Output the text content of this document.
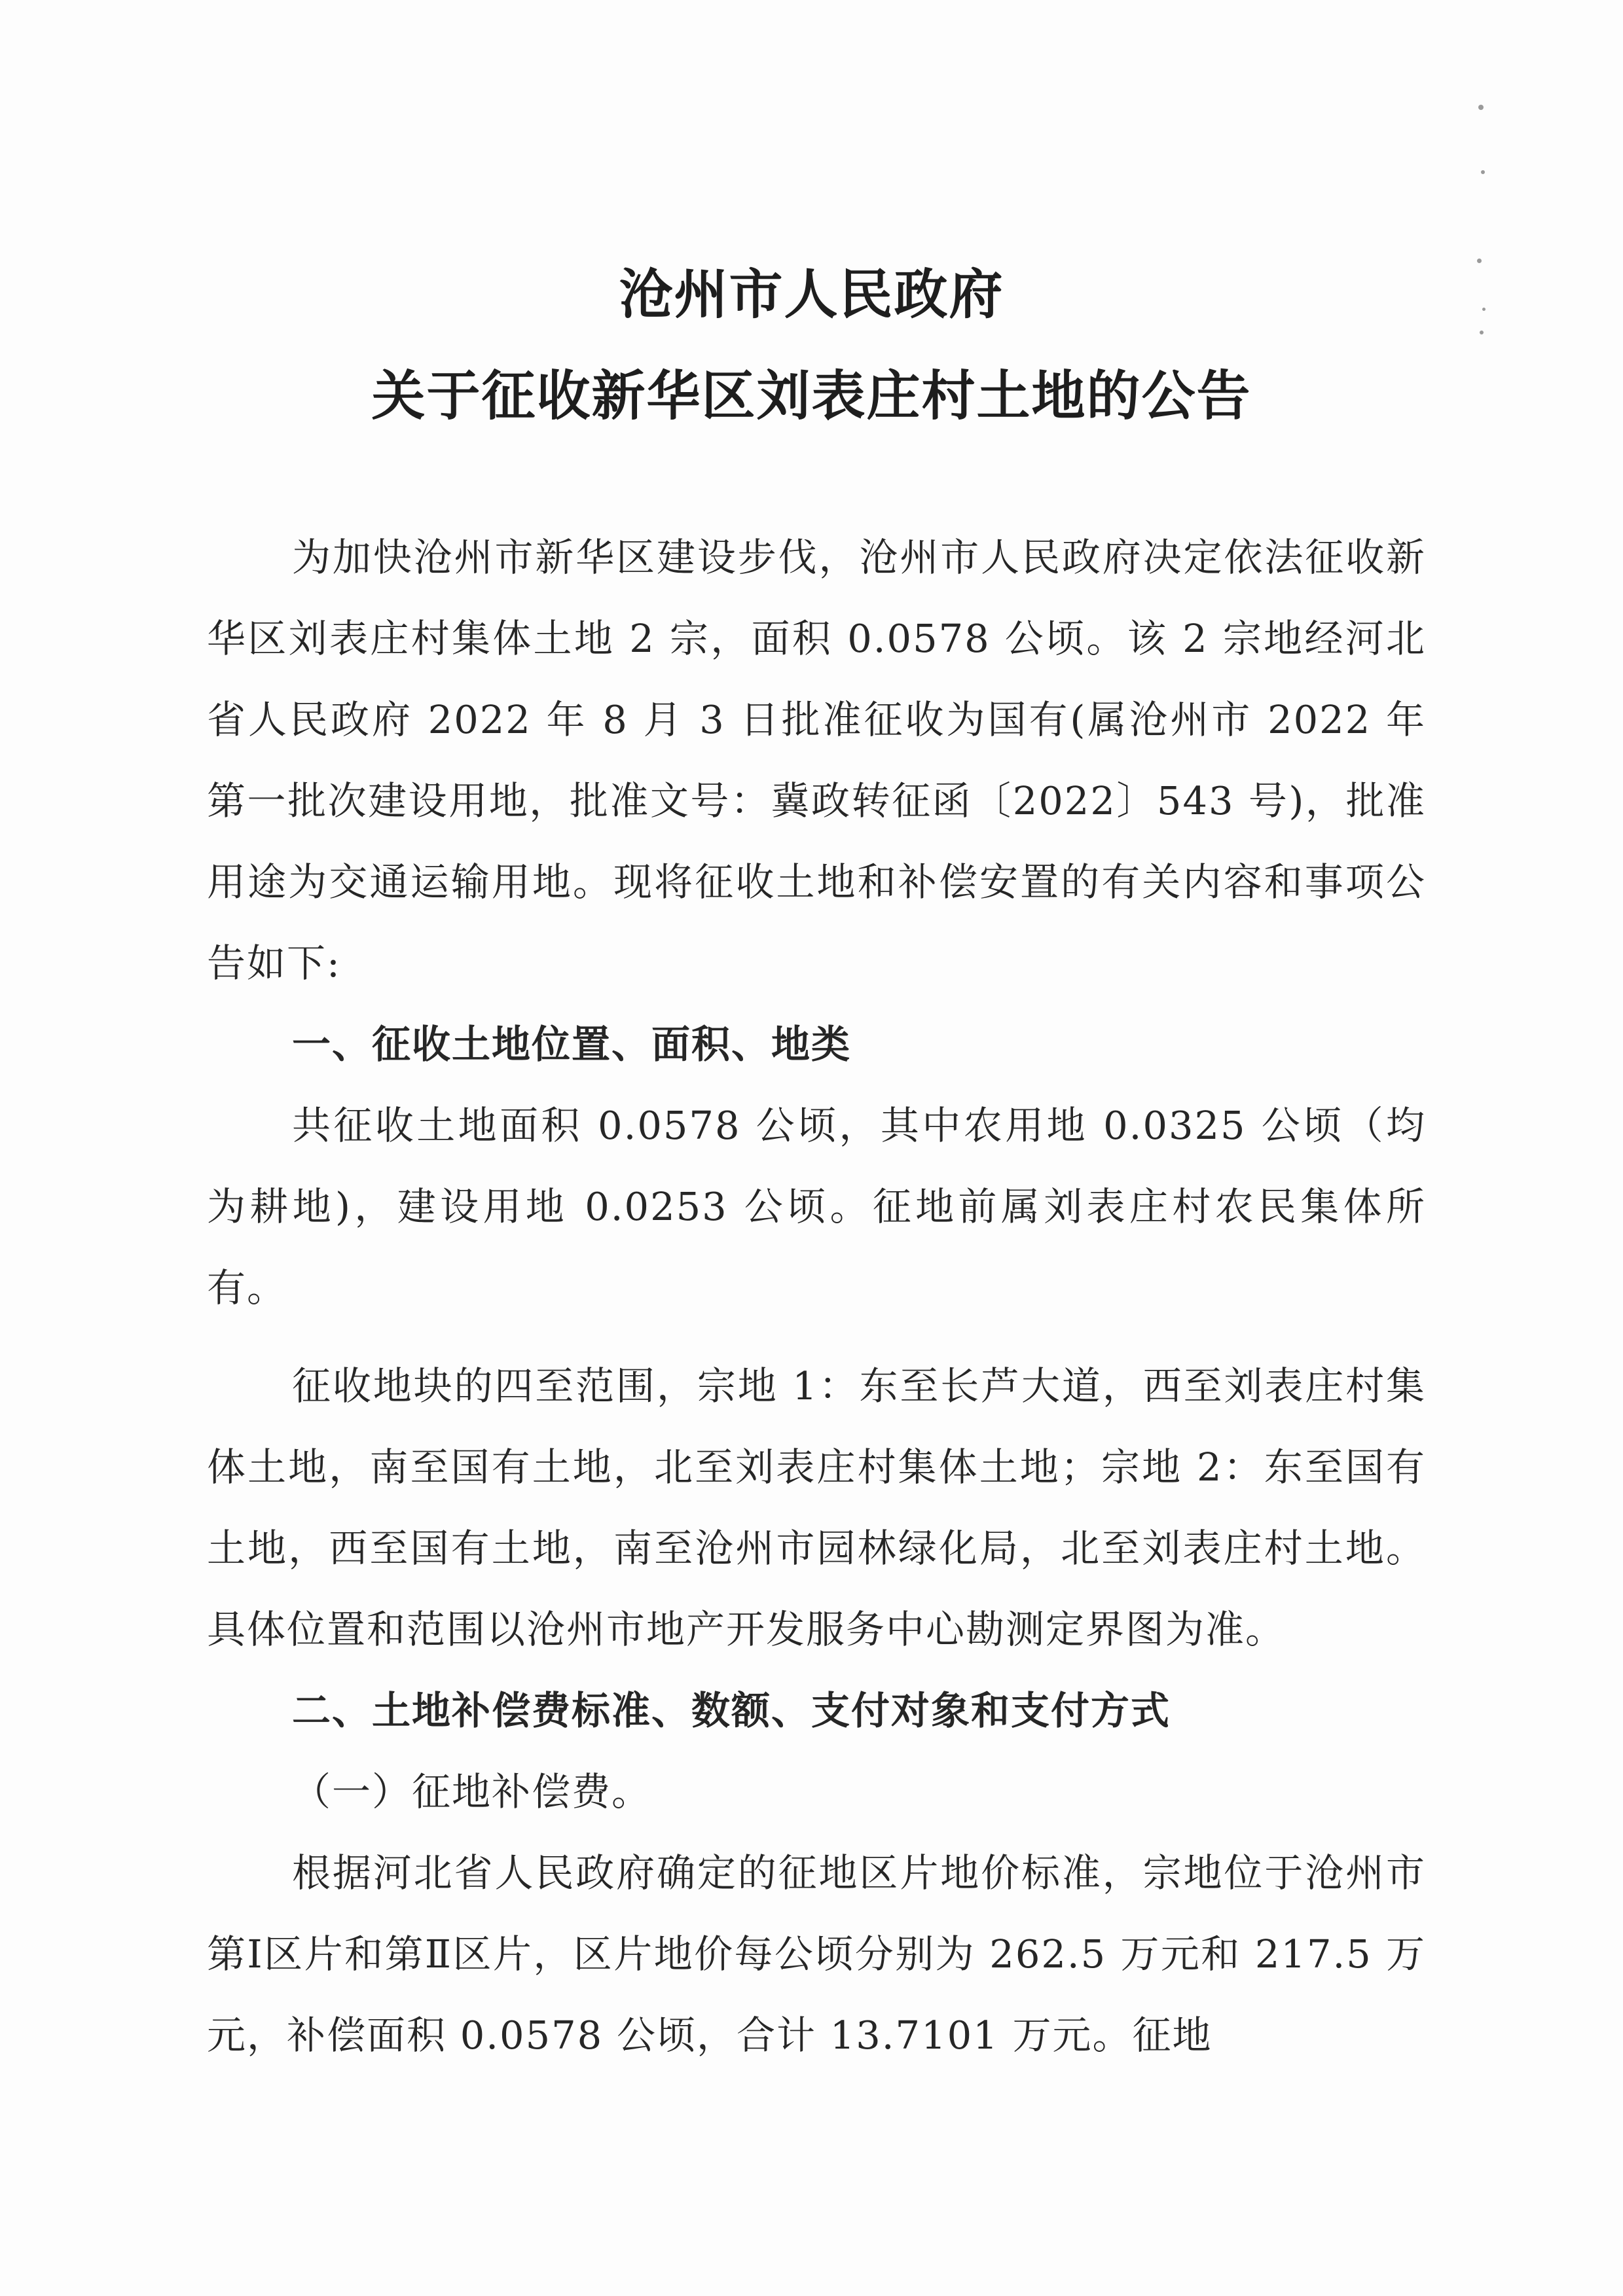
沧州市人民政府
关于征收新华区刘表庄村土地的公告

为加快沧州市新华区建设步伐，沧州市人民政府决定依法征收新华区刘表庄村集体土地 2 宗，面积 0.0578 公顷。该 2 宗地经河北省人民政府 2022 年 8 月 3 日批准征收为国有(属沧州市 2022 年第一批次建设用地，批准文号：冀政转征函〔2022〕543 号)，批准用途为交通运输用地。现将征收土地和补偿安置的有关内容和事项公告如下:

一、征收土地位置、面积、地类

共征收土地面积 0.0578 公顷，其中农用地 0.0325 公顷（均为耕地)，建设用地 0.0253 公顷。征地前属刘表庄村农民集体所有。

征收地块的四至范围，宗地 1：东至长芦大道，西至刘表庄村集体土地，南至国有土地，北至刘表庄村集体土地；宗地 2：东至国有土地，西至国有土地，南至沧州市园林绿化局，北至刘表庄村土地。具体位置和范围以沧州市地产开发服务中心勘测定界图为准。

二、土地补偿费标准、数额、支付对象和支付方式

（一）征地补偿费。

根据河北省人民政府确定的征地区片地价标准，宗地位于沧州市第Ⅰ区片和第Ⅱ区片，区片地价每公顷分别为 262.5 万元和 217.5 万元，补偿面积 0.0578 公顷，合计 13.7101 万元。征地
